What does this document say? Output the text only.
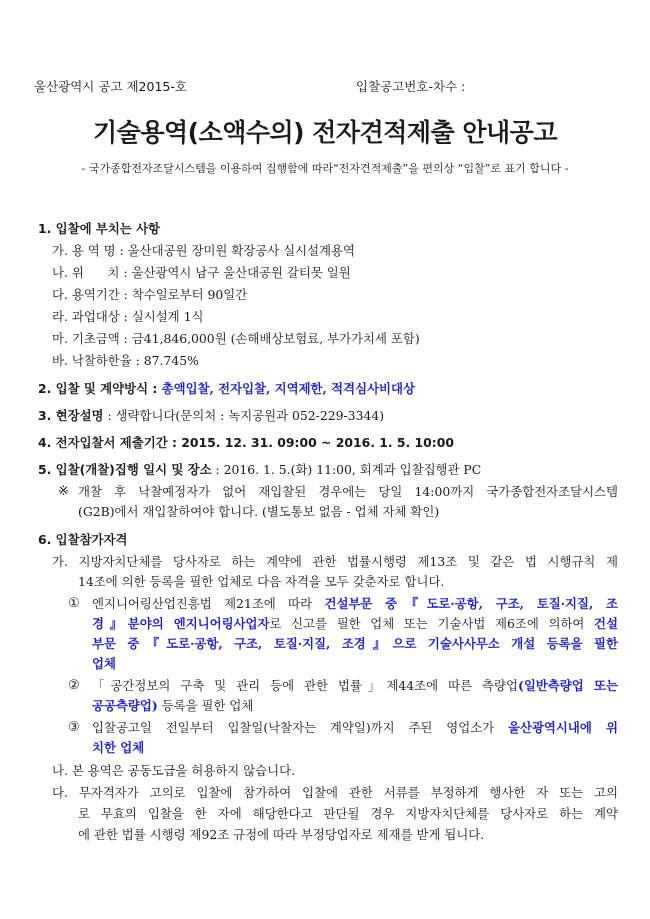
울산광역시 공고 제2015-호	입찰공고번호-차수 :
기술용역(소액수의) 전자견적제출 안내공고
- 국가종합전자조달시스템을 이용하여 집행함에 따라“전자견적제출”을 편의상 “입찰”로 표기 합니다 -
1. 입찰에 부치는 사항
가. 용 역 명 : 울산대공원 장미원 확장공사 실시설계용역
나. 위      치 : 울산광역시 남구 울산대공원 갈티못 일원
다. 용역기간 : 착수일로부터 90일간
라. 과업대상 : 실시설계 1식
마. 기초금액 : 금41,846,000원 (손해배상보험료, 부가가치세 포함)
바. 낙찰하한율 : 87.745%
2. 입찰 및 계약방식 : 총액입찰, 전자입찰, 지역제한, 적격심사비대상
3. 현장설명 : 생략합니다(문의처 : 녹지공원과 052-229-3344)
4. 전자입찰서 제출기간 : 2015. 12. 31. 09:00 ~ 2016. 1. 5. 10:00
5. 입찰(개찰)집행 일시 및 장소 : 2016. 1. 5.(화) 11:00, 회계과 입찰집행관 PC
※ 개찰 후 낙찰예정자가 없어 재입찰된 경우에는 당일 14:00까지 국가종합전자조달시스템
(G2B)에서 재입찰하여야 합니다. (별도통보 없음 - 업체 자체 확인)
6. 입찰참가자격
가. 지방자치단체를 당사자로 하는 계약에 관한 법률시행령 제13조 및 같은 법 시행규칙 제
14조에 의한 등록을 필한 업체로 다음 자격을 모두 갖춘자로 합니다.
① 엔지니어링산업진흥법 제21조에 따라 건설부문 중『도로·공항, 구조, 토질·지질, 조
경』분야의 엔지니어링사업자로 신고를 필한 업체 또는 기술사법 제6조에 의하여 건설
부문 중『도로·공항, 구조, 토질·지질, 조경』으로 기술사사무소 개설 등록을 필한
업체
② 「공간정보의 구축 및 관리 등에 관한 법률」제44조에 따른 측량업(일반측량업 또는
공공측량업) 등록을 필한 업체
③ 입찰공고일 전일부터 입찰일(낙찰자는 계약일)까지 주된 영업소가 울산광역시내에 위
치한 업체
나. 본 용역은 공동도급을 허용하지 않습니다.
다. 무자격자가 고의로 입찰에 참가하여 입찰에 관한 서류를 부정하게 행사한 자 또는 고의
로 무효의 입찰을 한 자에 해당한다고 판단될 경우 지방자치단체를 당사자로 하는 계약
에 관한 법률 시행령 제92조 규정에 따라 부정당업자로 제재를 받게 됩니다.
